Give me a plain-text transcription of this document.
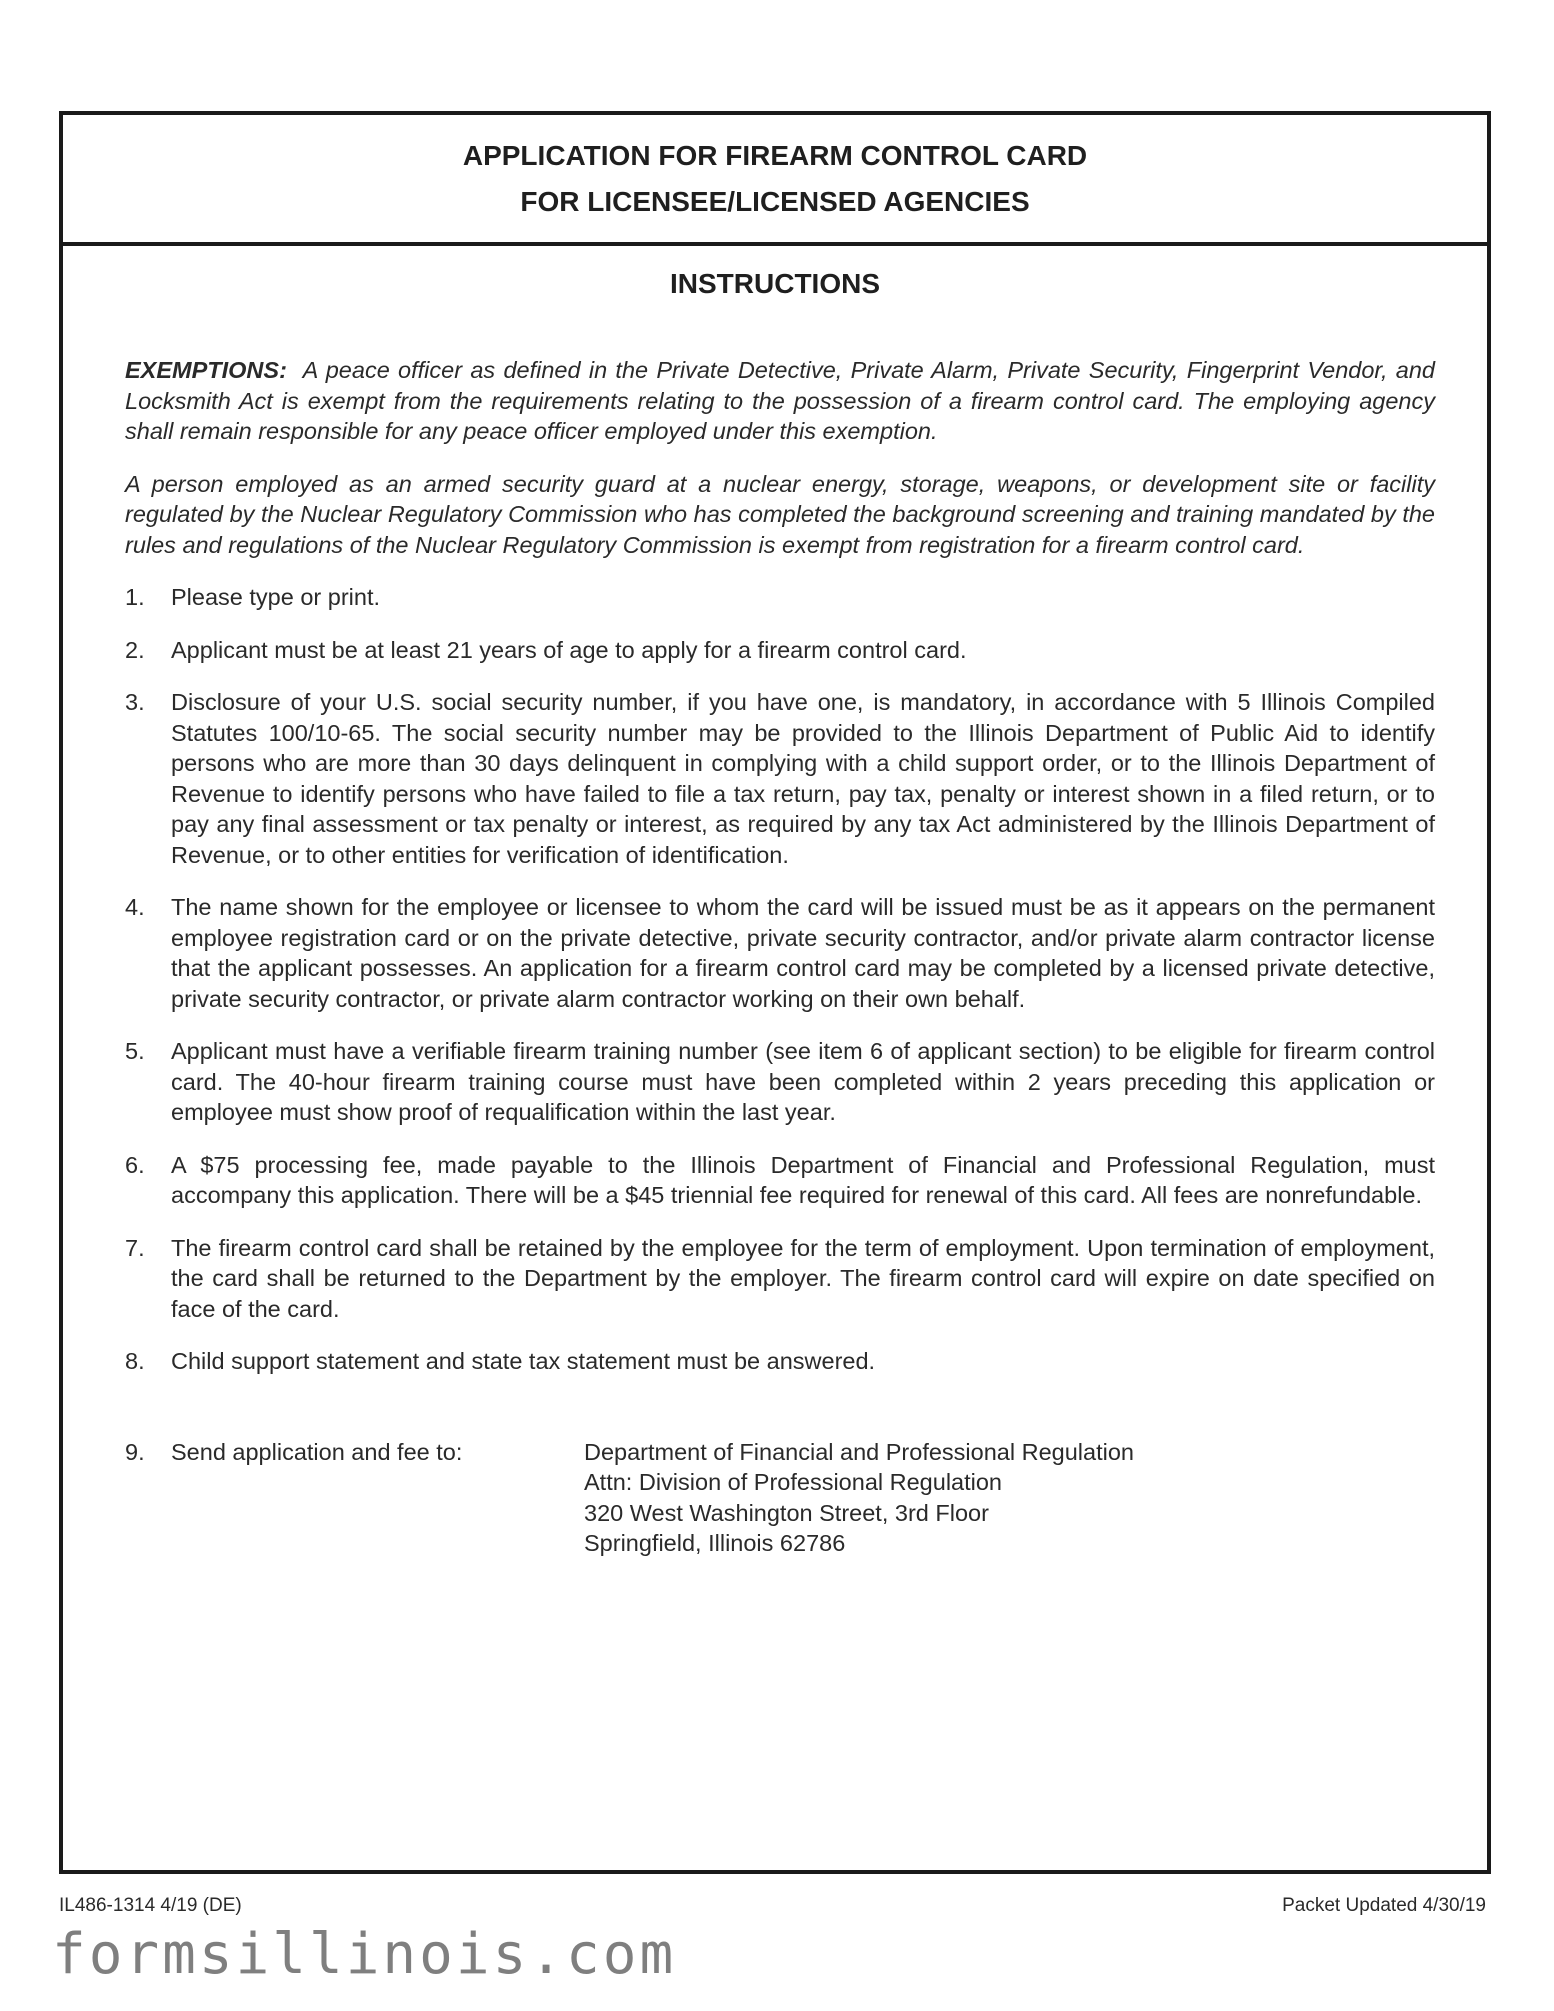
APPLICATION FOR FIREARM CONTROL CARD
FOR LICENSEE/LICENSED AGENCIES
INSTRUCTIONS

EXEMPTIONS: A peace officer as defined in the Private Detective, Private Alarm, Private Security, Fingerprint Vendor, and Locksmith Act is exempt from the requirements relating to the possession of a firearm control card. The employing agency shall remain responsible for any peace officer employed under this exemption.

A person employed as an armed security guard at a nuclear energy, storage, weapons, or development site or facility regulated by the Nuclear Regulatory Commission who has completed the background screening and training mandated by the rules and regulations of the Nuclear Regulatory Commission is exempt from registration for a firearm control card.

1. Please type or print.
2. Applicant must be at least 21 years of age to apply for a firearm control card.
3. Disclosure of your U.S. social security number, if you have one, is mandatory, in accordance with 5 Illinois Compiled Statutes 100/10-65. The social security number may be provided to the Illinois Department of Public Aid to identify persons who are more than 30 days delinquent in complying with a child support order, or to the Illinois Department of Revenue to identify persons who have failed to file a tax return, pay tax, penalty or interest shown in a filed return, or to pay any final assessment or tax penalty or interest, as required by any tax Act administered by the Illinois Department of Revenue, or to other entities for verification of identification.
4. The name shown for the employee or licensee to whom the card will be issued must be as it appears on the permanent employee registration card or on the private detective, private security contractor, and/or private alarm contractor license that the applicant possesses. An application for a firearm control card may be completed by a licensed private detective, private security contractor, or private alarm contractor working on their own behalf.
5. Applicant must have a verifiable firearm training number (see item 6 of applicant section) to be eligible for firearm control card. The 40-hour firearm training course must have been completed within 2 years preceding this application or employee must show proof of requalification within the last year.
6. A $75 processing fee, made payable to the Illinois Department of Financial and Professional Regulation, must accompany this application. There will be a $45 triennial fee required for renewal of this card. All fees are nonrefundable.
7. The firearm control card shall be retained by the employee for the term of employment. Upon termination of employment, the card shall be returned to the Department by the employer. The firearm control card will expire on date specified on face of the card.
8. Child support statement and state tax statement must be answered.
9.	Send application and fee to:	Department of Financial and Professional Regulation
Attn: Division of Professional Regulation
320 West Washington Street, 3rd Floor
Springfield, Illinois 62786
IL486-1314 4/19 (DE)	Packet Updated 4/30/19
formsillinois.com
